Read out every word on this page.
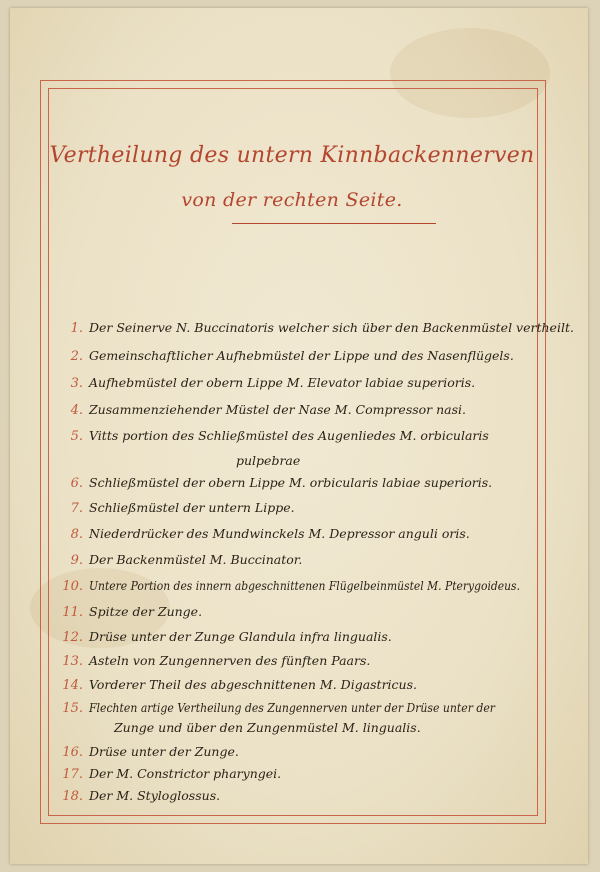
Vertheilung des untern Kinnbackennerven
von der rechten Seite.
1. Der Seinerve N. Buccinatoris welcher sich über den Backenmüstel vertheilt.
2. Gemeinschaftlicher Aufhebmüstel der Lippe und des Nasenflügels.
3. Aufhebmüstel der obern Lippe M. Elevator labiae superioris.
4. Zusammenziehender Müstel der Nase M. Compressor nasi.
5. Vitts portion des Schließmüstel des Augenliedes M. orbicularis
pulpebrae
6. Schließmüstel der obern Lippe M. orbicularis labiae superioris.
7. Schließmüstel der untern Lippe.
8. Niederdrücker des Mundwinckels M. Depressor anguli oris.
9. Der Backenmüstel M. Buccinator.
10. Untere Portion des innern abgeschnittenen Flügelbeinmüstel M. Pterygoideus.
11. Spitze der Zunge.
12. Drüse unter der Zunge Glandula infra lingualis.
13. Asteln von Zungennerven des fünften Paars.
14. Vorderer Theil des abgeschnittenen M. Digastricus.
15. Flechten artige Vertheilung des Zungennerven unter der Drüse unter der
Zunge und über den Zungenmüstel M. lingualis.
16. Drüse unter der Zunge.
17. Der M. Constrictor pharyngei.
18. Der M. Styloglossus.
